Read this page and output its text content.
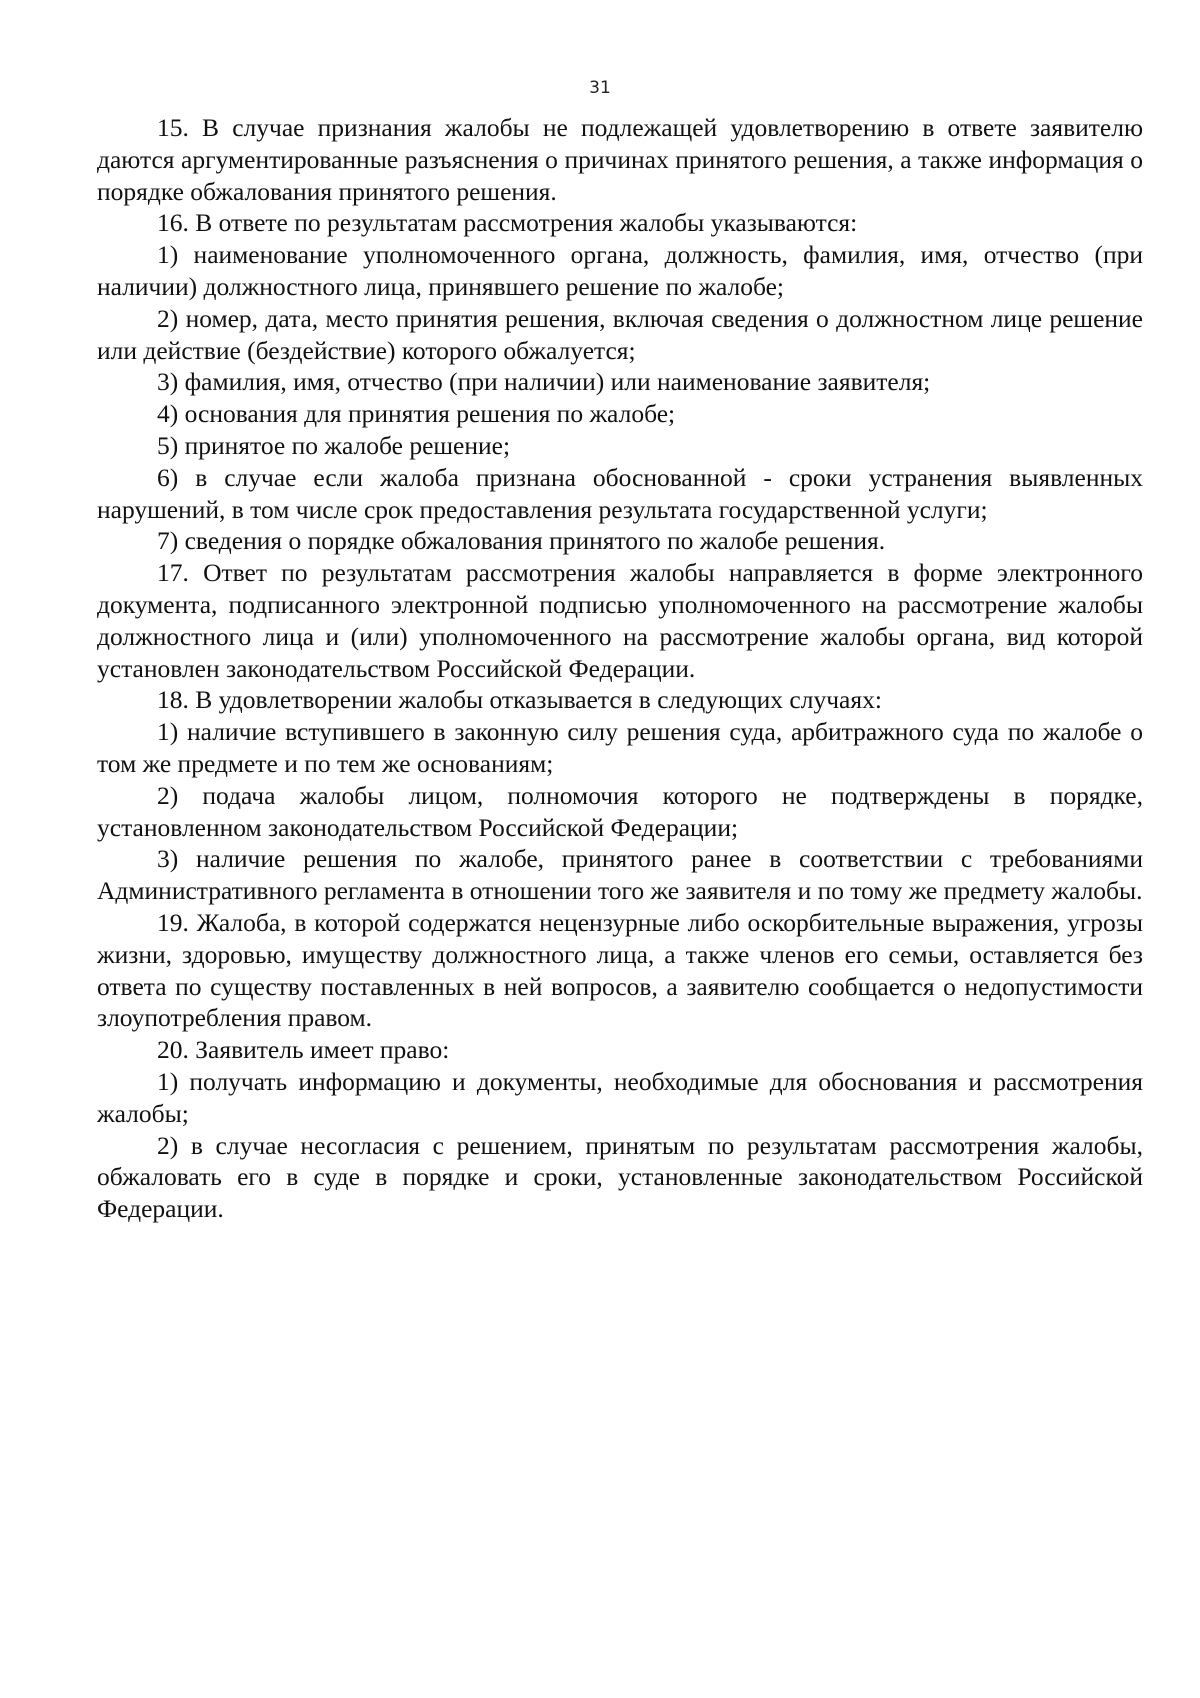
31

15. В случае признания жалобы не подлежащей удовлетворению в ответе заявителю даются аргументированные разъяснения о причинах принятого решения, а также информация о порядке обжалования принятого решения.

16. В ответе по результатам рассмотрения жалобы указываются:

1) наименование уполномоченного органа, должность, фамилия, имя, отчество (при наличии) должностного лица, принявшего решение по жалобе;

2) номер, дата, место принятия решения, включая сведения о должностном лице решение или действие (бездействие) которого обжалуется;

3) фамилия, имя, отчество (при наличии) или наименование заявителя;

4) основания для принятия решения по жалобе;

5) принятое по жалобе решение;

6) в случае если жалоба признана обоснованной - сроки устранения выявленных нарушений, в том числе срок предоставления результата государственной услуги;

7) сведения о порядке обжалования принятого по жалобе решения.

17. Ответ по результатам рассмотрения жалобы направляется в форме электронного документа, подписанного электронной подписью уполномоченного на рассмотрение жалобы должностного лица и (или) уполномоченного на рассмотрение жалобы органа, вид которой установлен законодательством Российской Федерации.

18. В удовлетворении жалобы отказывается в следующих случаях:

1) наличие вступившего в законную силу решения суда, арбитражного суда по жалобе о том же предмете и по тем же основаниям;

2) подача жалобы лицом, полномочия которого не подтверждены в порядке, установленном законодательством Российской Федерации;

3) наличие решения по жалобе, принятого ранее в соответствии с требованиями Административного регламента в отношении того же заявителя и по тому же предмету жалобы.

19. Жалоба, в которой содержатся нецензурные либо оскорбительные выражения, угрозы жизни, здоровью, имуществу должностного лица, а также членов его семьи, оставляется без ответа по существу поставленных в ней вопросов, а заявителю сообщается о недопустимости злоупотребления правом.

20. Заявитель имеет право:

1) получать информацию и документы, необходимые для обоснования и рассмотрения жалобы;

2) в случае несогласия с решением, принятым по результатам рассмотрения жалобы, обжаловать его в суде в порядке и сроки, установленные законодательством Российской Федерации.
